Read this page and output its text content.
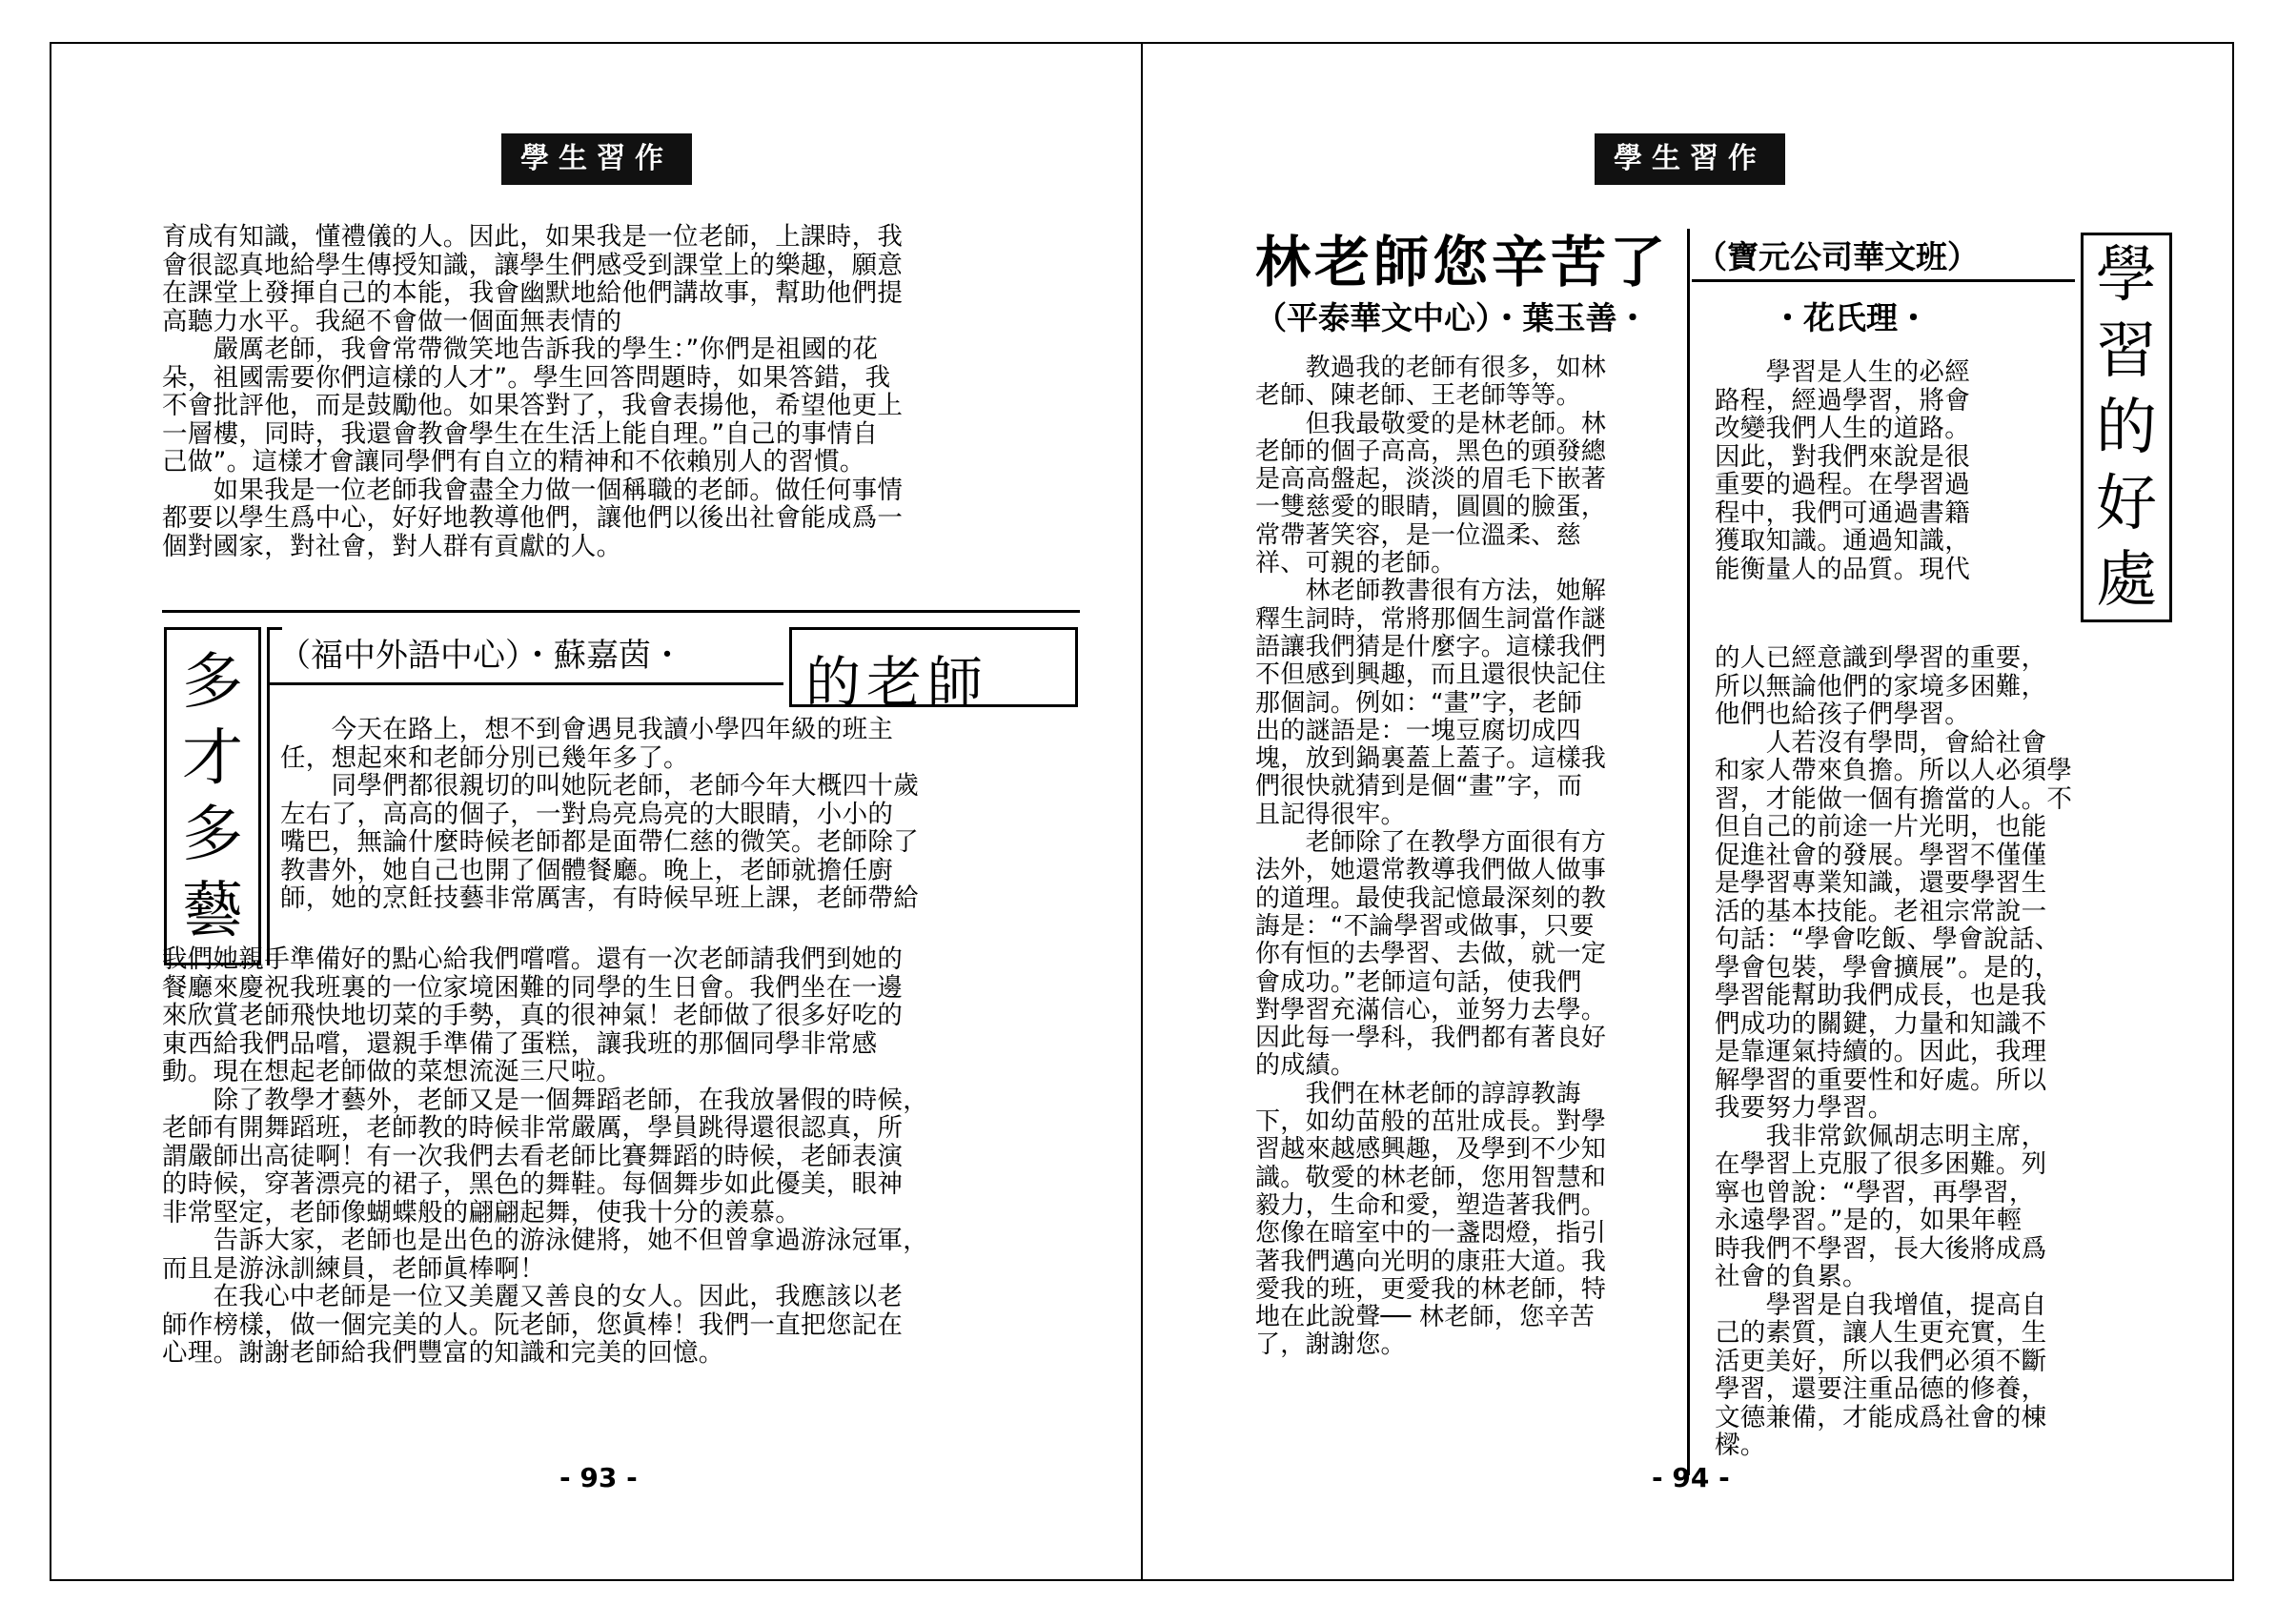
學生習作
育成有知識，懂禮儀的人。因此，如果我是一位老師，上課時，我
會很認真地給學生傳授知識，讓學生們感受到課堂上的樂趣，願意
在課堂上發揮自己的本能，我會幽默地給他們講故事，幫助他們提
高聽力水平。我絕不會做一個面無表情的
　　嚴厲老師，我會常帶微笑地告訴我的學生：”你們是祖國的花
朵，祖國需要你們這樣的人才”。學生回答問題時，如果答錯，我
不會批評他，而是鼓勵他。如果答對了，我會表揚他，希望他更上
一層樓，同時，我還會教會學生在生活上能自理。”自己的事情自
己做”。這樣才會讓同學們有自立的精神和不依賴別人的習慣。
　　如果我是一位老師我會盡全力做一個稱職的老師。做任何事情
都要以學生爲中心，好好地教導他們，讓他們以後出社會能成爲一
個對國家，對社會，對人群有貢獻的人。
多
才
多
藝
（福中外語中心）・蘇嘉茵・ 的老師
　　今天在路上，想不到會遇見我讀小學四年級的班主
任，想起來和老師分別已幾年多了。
　　同學們都很親切的叫她阮老師，老師今年大概四十歲
左右了，高高的個子，一對烏亮烏亮的大眼睛，小小的
嘴巴，無論什麼時候老師都是面帶仁慈的微笑。老師除了
教書外，她自己也開了個體餐廳。晚上，老師就擔任廚
師，她的烹飪技藝非常厲害，有時候早班上課，老師帶給
我們她親手準備好的點心給我們嚐嚐。還有一次老師請我們到她的
餐廳來慶祝我班裏的一位家境困難的同學的生日會。我們坐在一邊
來欣賞老師飛快地切菜的手勢，真的很神氣！老師做了很多好吃的
東西給我們品嚐，還親手準備了蛋糕，讓我班的那個同學非常感
動。現在想起老師做的菜想流涎三尺啦。
　　除了教學才藝外，老師又是一個舞蹈老師，在我放暑假的時候，
老師有開舞蹈班，老師教的時候非常嚴厲，學員跳得還很認真，所
謂嚴師出高徒啊！有一次我們去看老師比賽舞蹈的時候，老師表演
的時候，穿著漂亮的裙子，黑色的舞鞋。每個舞步如此優美，眼神
非常堅定，老師像蝴蝶般的翩翩起舞，使我十分的羨慕。
　　告訴大家，老師也是出色的游泳健將，她不但曾拿過游泳冠軍，
而且是游泳訓練員，老師眞棒啊！
　　在我心中老師是一位又美麗又善良的女人。因此，我應該以老
師作榜樣，做一個完美的人。阮老師，您眞棒！我們一直把您記在
心理。謝謝老師給我們豐富的知識和完美的回憶。
- 93 -
學生習作
林老師您辛苦了
（平泰華文中心）・葉玉善・
　　教過我的老師有很多，如林
老師、陳老師、王老師等等。
　　但我最敬愛的是林老師。林
老師的個子高高，黑色的頭發總
是高高盤起，淡淡的眉毛下嵌著
一雙慈愛的眼睛，圓圓的臉蛋，
常帶著笑容，是一位溫柔、慈
祥、可親的老師。
　　林老師教書很有方法，她解
釋生詞時，常將那個生詞當作謎
語讓我們猜是什麼字。這樣我們
不但感到興趣，而且還很快記住
那個詞。例如：“畫”字，老師
出的謎語是：一塊豆腐切成四
塊，放到鍋裏蓋上蓋子。這樣我
們很快就猜到是個“畫”字，而
且記得很牢。
　　老師除了在教學方面很有方
法外，她還常教導我們做人做事
的道理。最使我記憶最深刻的教
誨是：“不論學習或做事，只要
你有恒的去學習、去做，就一定
會成功。”老師這句話，使我們
對學習充滿信心，並努力去學。
因此每一學科，我們都有著良好
的成績。
　　我們在林老師的諄諄教誨
下，如幼苗般的茁壯成長。對學
習越來越感興趣，及學到不少知
識。敬愛的林老師，您用智慧和
毅力，生命和愛，塑造著我們。
您像在暗室中的一盞悶燈，指引
著我們邁向光明的康莊大道。我
愛我的班，更愛我的林老師，特
地在此說聲── 林老師，您辛苦
了，謝謝您。
（寶元公司華文班）
・花氏理・
學
習
的
好
處
　　學習是人生的必經
路程，經過學習，將會
改變我們人生的道路。
因此，對我們來說是很
重要的過程。在學習過
程中，我們可通過書籍
獲取知識。通過知識，
能衡量人的品質。現代
的人已經意識到學習的重要，
所以無論他們的家境多困難，
他們也給孩子們學習。
　　人若沒有學問，會給社會
和家人帶來負擔。所以人必須學
習，才能做一個有擔當的人。不
但自己的前途一片光明，也能
促進社會的發展。學習不僅僅
是學習專業知識，還要學習生
活的基本技能。老祖宗常說一
句話：“學會吃飯、學會說話、
學會包裝，學會擴展”。是的，
學習能幫助我們成長，也是我
們成功的關鍵，力量和知識不
是靠運氣持續的。因此，我理
解學習的重要性和好處。所以
我要努力學習。
　　我非常欽佩胡志明主席，
在學習上克服了很多困難。列
寧也曾說：“學習，再學習，
永遠學習。”是的，如果年輕
時我們不學習，長大後將成爲
社會的負累。
　　學習是自我增值，提高自
己的素質，讓人生更充實，生
活更美好，所以我們必須不斷
學習，還要注重品德的修養，
文德兼備，才能成爲社會的棟
樑。
- 94 -
